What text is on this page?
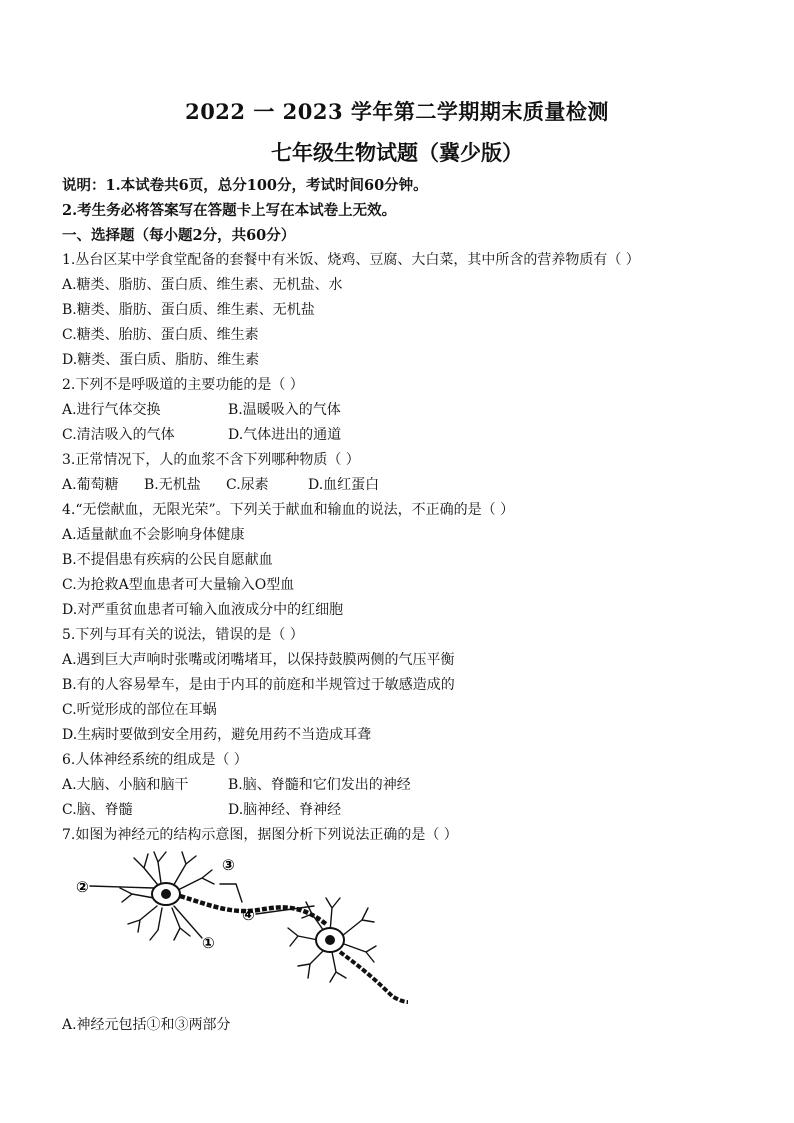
2022 一 2023 学年第二学期期末质量检测
七年级生物试题（冀少版）
说明：1.本试卷共6页，总分100分，考试时间60分钟。
2.考生务必将答案写在答题卡上写在本试卷上无效。
一、选择题（每小题2分，共60分）
1.丛台区某中学食堂配备的套餐中有米饭、烧鸡、豆腐、大白菜，其中所含的营养物质有（ ）
A.糖类、脂肪、蛋白质、维生素、无机盐、水
B.糖类、脂肪、蛋白质、维生素、无机盐
C.糖类、胎肪、蛋白质、维生素
D.糖类、蛋白质、脂肪、维生素
2.下列不是呼吸道的主要功能的是（ ）
A.进行气体交换	B.温暖吸入的气体
C.清洁吸入的气体	D.气体进出的通道
3.正常情况下，人的血浆不含下列哪种物质（ ）
A.葡萄糖 B.无机盐 C.尿素	D.血红蛋白
4.“无偿献血，无限光荣”。下列关于献血和输血的说法，不正确的是（ ）
A.适量献血不会影响身体健康
B.不提倡患有疾病的公民自愿献血
C.为抢救A型血患者可大量输入O型血
D.对严重贫血患者可输入血液成分中的红细胞
5.下列与耳有关的说法，错误的是（ ）
A.遇到巨大声响时张嘴或闭嘴堵耳，以保持鼓膜两侧的气压平衡
B.有的人容易晕车，是由于内耳的前庭和半规管过于敏感造成的
C.听觉形成的部位在耳蜗
D.生病时要做到安全用药，避免用药不当造成耳聋
6.人体神经系统的组成是（ ）
A.大脑、小脑和脑干	B.脑、脊髓和它们发出的神经
C.脑、脊髓	D.脑神经、脊神经
7.如图为神经元的结构示意图，据图分析下列说法正确的是（ ）
②
①
③
④
A.神经元包括①和③两部分
